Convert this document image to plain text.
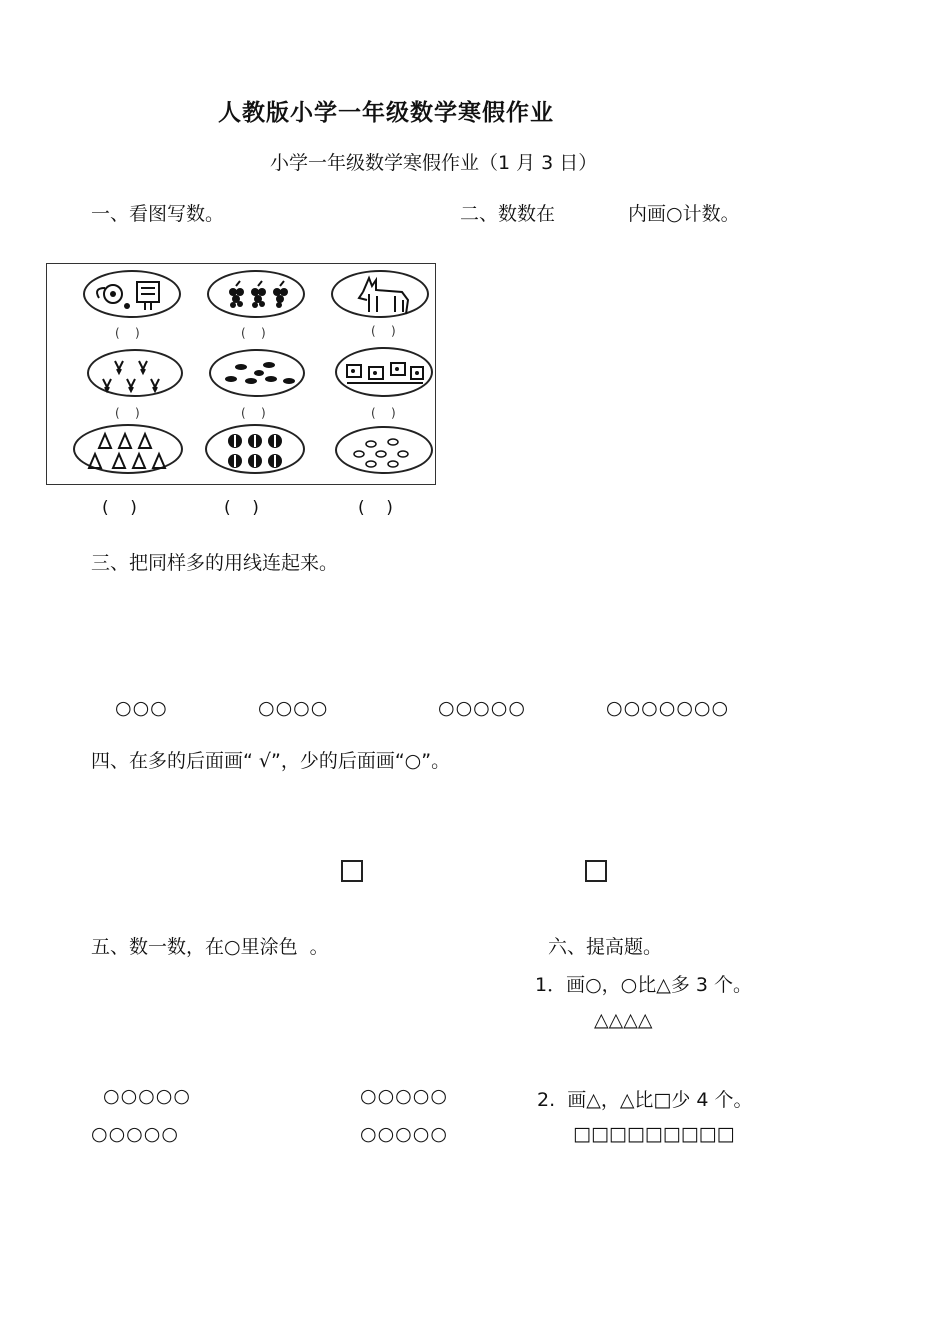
人教版小学一年级数学寒假作业
小学一年级数学寒假作业（1 月 3 日）
一、看图写数。	二、数数在	内画○计数。
(    )	(    )	(    )
(    )	(    )	(    )
(    )	(    )	(    )
三、把同样多的用线连起来。
○○○	○○○○	○○○○○	○○○○○○○
四、在多的后面画“ √”，少的后面画“○”。
五、数一数，在○里涂色  。
○○○○○	○○○○○
○○○○○	○○○○○
六、提高题。
1．画○，○比△多 3 个。
△△△△
2.  画△，△比□少 4 个。
□□□□□□□□□
